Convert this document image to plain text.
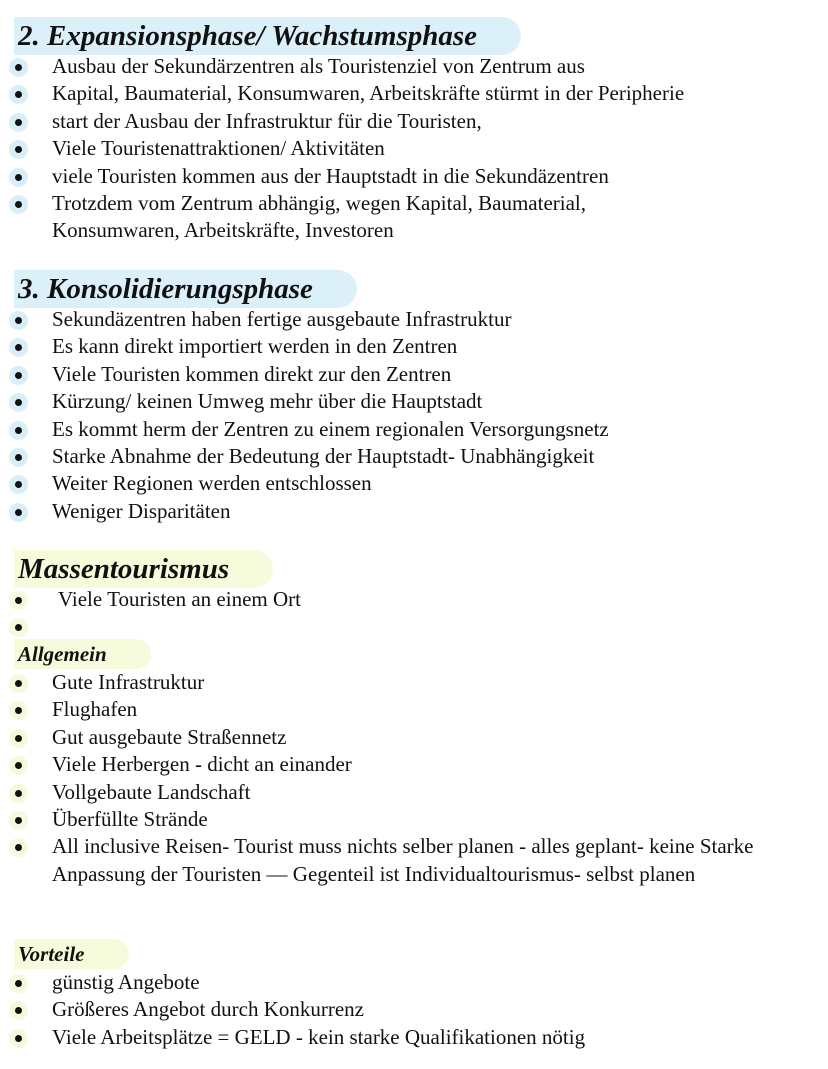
2. Expansionsphase/ Wachstumsphase
Ausbau der Sekundärzentren als Touristenziel von Zentrum aus
Kapital, Baumaterial, Konsumwaren, Arbeitskräfte stürmt in der Peripherie
start der Ausbau der Infrastruktur für die Touristen,
Viele Touristenattraktionen/ Aktivitäten
viele Touristen kommen aus der Hauptstadt in die Sekundäzentren
Trotzdem vom Zentrum abhängig, wegen Kapital, Baumaterial, Konsumwaren, Arbeitskräfte, Investoren
3. Konsolidierungsphase
Sekundäzentren haben fertige ausgebaute Infrastruktur
Es kann direkt importiert werden in den Zentren
Viele Touristen kommen direkt zur den Zentren
Kürzung/ keinen Umweg mehr über die Hauptstadt
Es kommt herm der Zentren zu einem regionalen Versorgungsnetz
Starke Abnahme der Bedeutung der Hauptstadt- Unabhängigkeit
Weiter Regionen werden entschlossen
Weniger Disparitäten
Massentourismus
Viele Touristen an einem Ort
Allgemein
Gute Infrastruktur
Flughafen
Gut ausgebaute Straßennetz
Viele Herbergen - dicht an einander
Vollgebaute Landschaft
Überfüllte Strände
All inclusive Reisen- Tourist muss nichts selber planen - alles geplant- keine Starke Anpassung der Touristen — Gegenteil ist Individualtourismus- selbst planen
Vorteile
günstig Angebote
Größeres Angebot durch Konkurrenz
Viele Arbeitsplätze = GELD - kein starke Qualifikationen nötig
